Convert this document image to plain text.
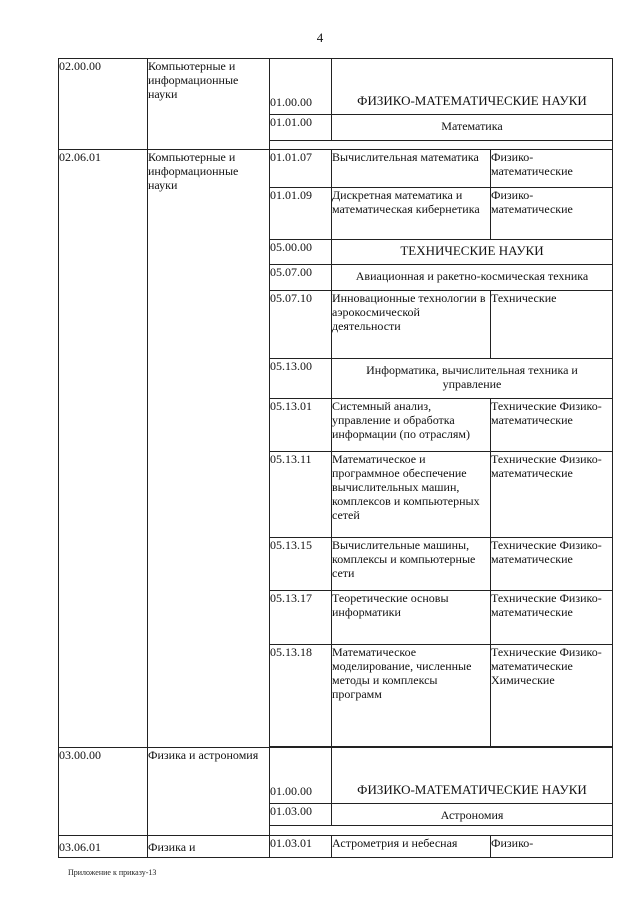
4
02.00.00	Компьютерные и информационные науки	01.00.00	ФИЗИКО-МАТЕМАТИЧЕСКИЕ НАУКИ	
		01.01.00	Математика	

02.06.01	Компьютерные и информационные науки	01.01.07	Вычислительная математика	Физико-математические
		01.01.09	Дискретная математика и математическая кибернетика	Физико-математические
		05.00.00	ТЕХНИЧЕСКИЕ НАУКИ	
		05.07.00	Авиационная и ракетно-космическая техника	
		05.07.10	Инновационные технологии в аэрокосмической деятельности	Технические
		05.13.00	Информатика, вычислительная техника и управление	
		05.13.01	Системный анализ, управление и обработка информации (по отраслям)	Технические Физико-математические
		05.13.11	Математическое и программное обеспечение вычислительных машин, комплексов и компьютерных сетей	Технические Физико-математические
		05.13.15	Вычислительные машины, комплексы и компьютерные сети	Технические Физико-математические
		05.13.17	Теоретические основы информатики	Технические Физико-математические
		05.13.18	Математическое моделирование, численные методы и комплексы программ	Технические Физико-математические Химические

03.00.00	Физика и астрономия	01.00.00	ФИЗИКО-МАТЕМАТИЧЕСКИЕ НАУКИ	
		01.03.00	Астрономия	

03.06.01	Физика и	01.03.01	Астрометрия и небесная	Физико-
Приложение к приказу-13
